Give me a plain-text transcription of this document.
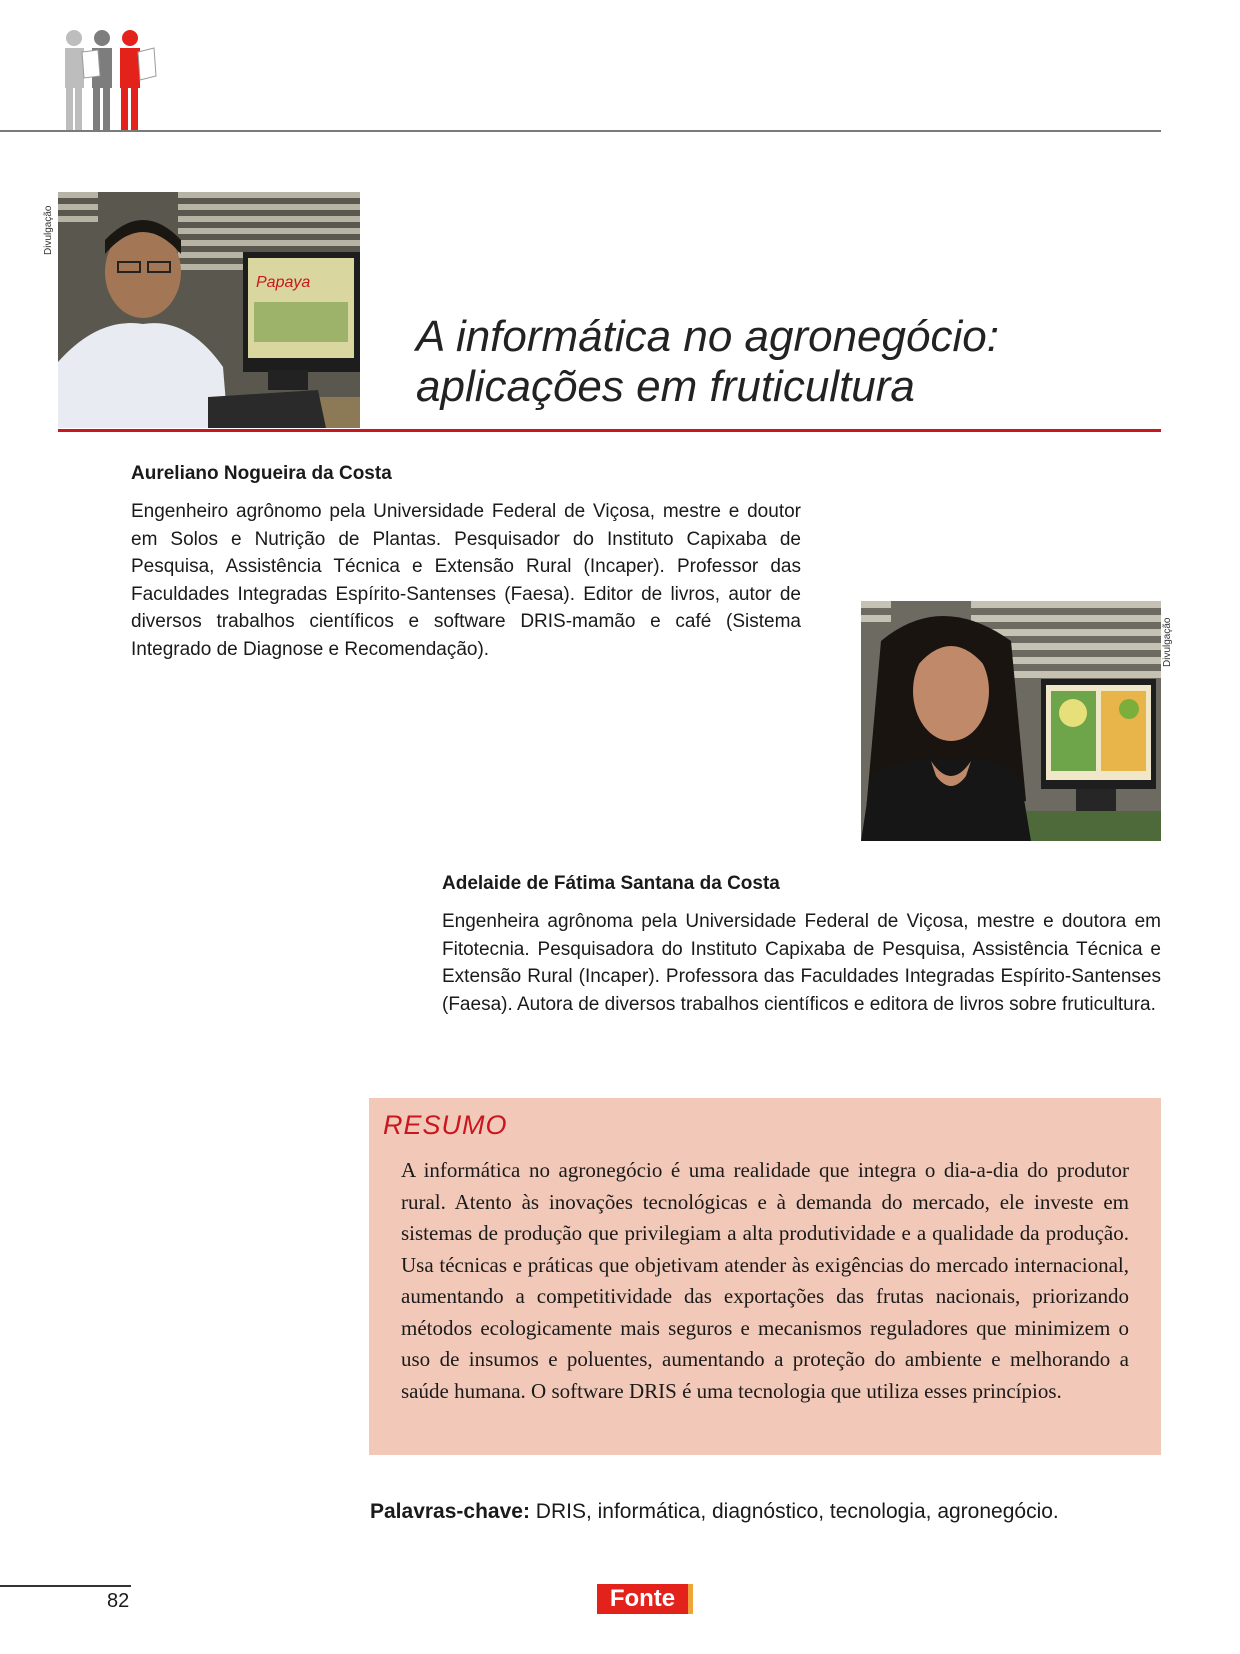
Divulgação
Papaya
A informática no agronegócio:
aplicações em fruticultura
Aureliano Nogueira da Costa
Engenheiro agrônomo pela Universidade Federal de Viçosa, mestre e doutor em Solos e Nutrição de Plantas. Pesquisador do Instituto Capixaba de Pesquisa, Assistência Técnica e Extensão Rural (Incaper). Professor das Faculdades Integradas Espírito-Santenses (Faesa). Editor de livros, autor de diversos trabalhos científicos e software DRIS-mamão e café (Sistema Integrado de Diagnose e Recomendação).	Divulgação
Adelaide de Fátima Santana da Costa
Engenheira agrônoma pela Universidade Federal de Viçosa, mestre e doutora em Fitotecnia. Pesquisadora do Instituto Capixaba de Pesquisa, Assistência Técnica e Extensão Rural (Incaper). Professora das Faculdades Integradas Espírito-Santenses (Faesa). Autora de diversos trabalhos científicos e editora de livros sobre fruticultura.
RESUMO
A informática no agronegócio é uma realidade que integra o dia-a-dia do produtor rural. Atento às inovações tecnológicas e à demanda do mercado, ele investe em sistemas de produção que privilegiam a alta produtividade e a qualidade da produção. Usa técnicas e práticas que objetivam atender às exigências do mercado internacional, aumentando a competitividade das exportações das frutas nacionais, priorizando métodos ecologicamente mais seguros e mecanismos reguladores que minimizem o uso de insumos e poluentes, aumentando a proteção do ambiente e melhorando a saúde humana. O software DRIS é uma tecnologia que utiliza esses princípios.
Palavras-chave: DRIS, informática, diagnóstico, tecnologia, agronegócio.
82	Fonte
